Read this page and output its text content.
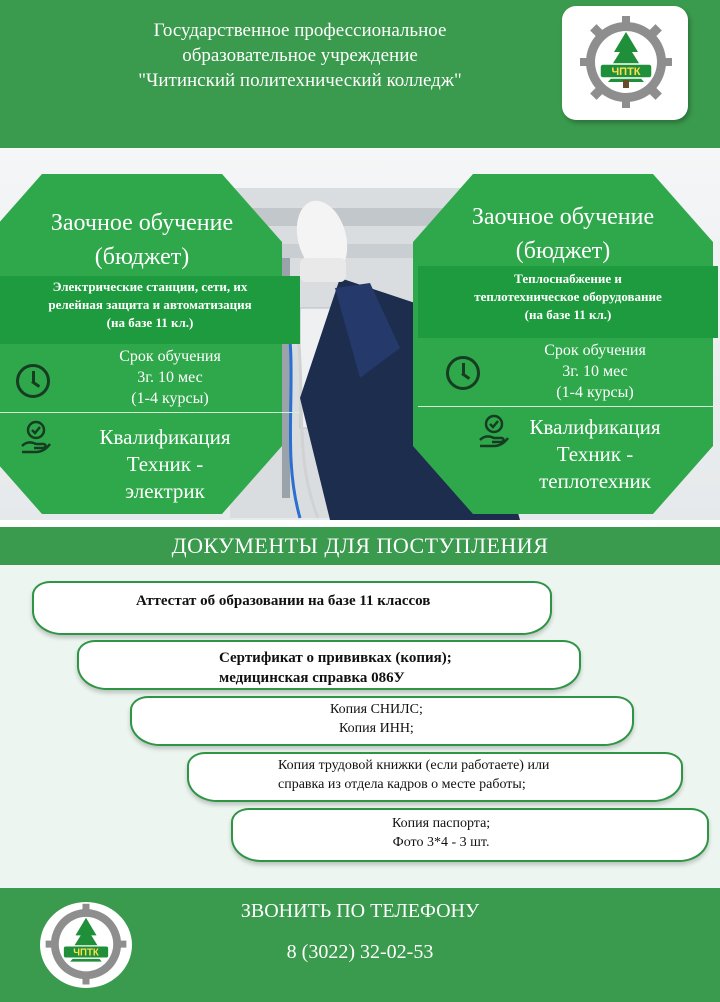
Государственное профессиональное
образовательное учреждение
"Читинский политехнический колледж"	ЧПТК
Заочное обучение
(бюджет)
Электрические станции, сети, их
релейная защита и автоматизация
(на базе 11 кл.)
Срок обучения
3г. 10 мес
(1-4 курсы)
Квалификация
Техник -
электрик
Заочное обучение
(бюджет)
Теплоснабжение и
теплотехническое оборудование
(на базе 11 кл.)
Срок обучения
3г. 10 мес
(1-4 курсы)
Квалификация
Техник -
теплотехник
ДОКУМЕНТЫ ДЛЯ ПОСТУПЛЕНИЯ
Аттестат об образовании на базе 11 классов
Сертификат о прививках (копия);
медицинская справка 086У
Копия СНИЛС;
Копия ИНН;
Копия трудовой книжки (если работаете) или
справка из отдела кадров о месте работы;
Копия паспорта;
Фото 3*4 - 3 шт.
ЧПТК
ЗВОНИТЬ ПО ТЕЛЕФОНУ
8 (3022) 32-02-53
